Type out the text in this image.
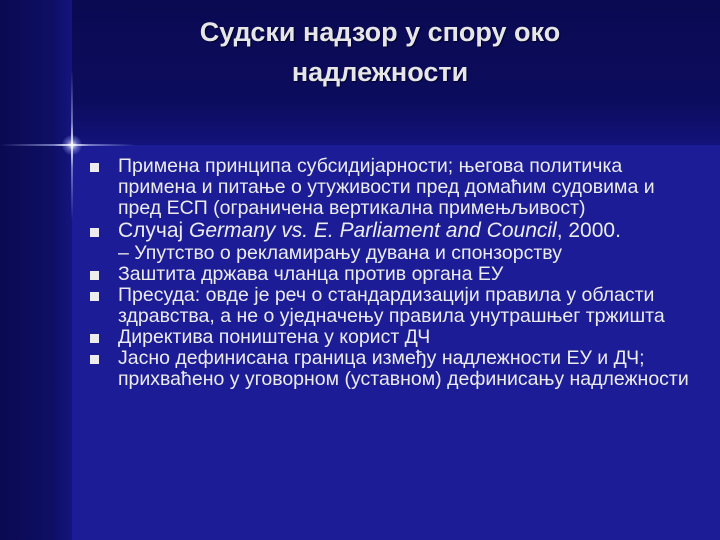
Судски надзор у спору око надлежности
Примена принципа субсидијарности; његова политичка примена и питање о утуживости пред домаћим судовима и пред ЕСП (ограничена вертикална примењљивост)
Случај Germany vs. E. Parliament and Council, 2000.
– Упутство о рекламирању дувана и спонзорству
Заштита држава чланца против органа ЕУ
Пресуда: овде је реч о стандардизацији правила у области здравства, а не о уједначењу правила унутрашњег тржишта
Директива поништена у корист ДЧ
Јасно дефинисана граница између надлежности ЕУ и ДЧ; прихваћено у уговорном (уставном) дефинисању надлежности
